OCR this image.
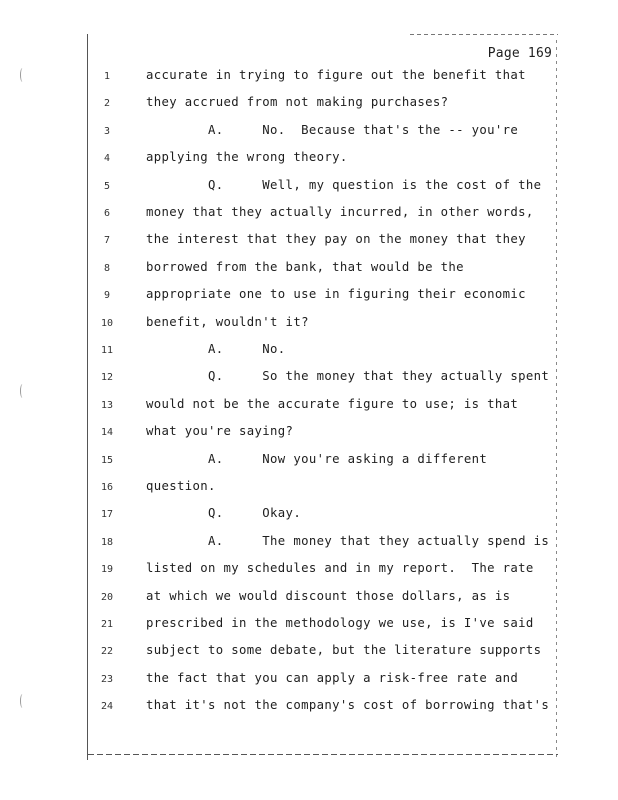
Page 169
1	accurate in trying to figure out the benefit that
2	they accrued from not making purchases?
3	A.     No.  Because that's the -- you're
4	applying the wrong theory.
5	Q.     Well, my question is the cost of the
6	money that they actually incurred, in other words,
7	the interest that they pay on the money that they
8	borrowed from the bank, that would be the
9	appropriate one to use in figuring their economic
10	benefit, wouldn't it?
11	A.     No.
12	Q.     So the money that they actually spent
13	would not be the accurate figure to use; is that
14	what you're saying?
15	A.     Now you're asking a different
16	question.
17	Q.     Okay.
18	A.     The money that they actually spend is
19	listed on my schedules and in my report.  The rate
20	at which we would discount those dollars, as is
21	prescribed in the methodology we use, is I've said
22	subject to some debate, but the literature supports
23	the fact that you can apply a risk-free rate and
24	that it's not the company's cost of borrowing that's
